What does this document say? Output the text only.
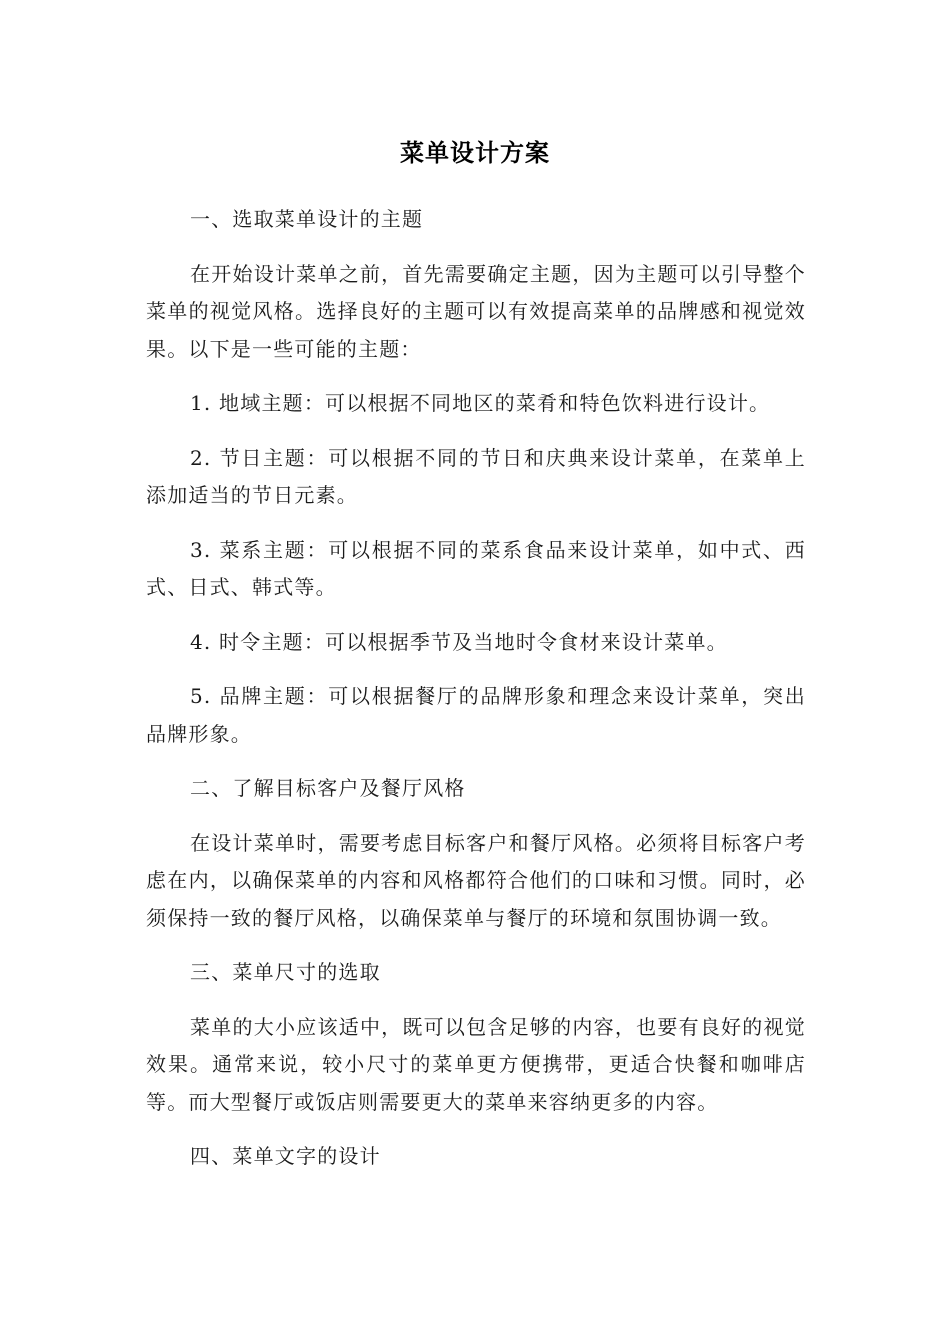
菜单设计方案

一、选取菜单设计的主题

在开始设计菜单之前，首先需要确定主题，因为主题可以引导整个菜单的视觉风格。选择良好的主题可以有效提高菜单的品牌感和视觉效果。以下是一些可能的主题：

1. 地域主题：可以根据不同地区的菜肴和特色饮料进行设计。

2. 节日主题：可以根据不同的节日和庆典来设计菜单，在菜单上添加适当的节日元素。

3. 菜系主题：可以根据不同的菜系食品来设计菜单，如中式、西式、日式、韩式等。

4. 时令主题：可以根据季节及当地时令食材来设计菜单。

5. 品牌主题：可以根据餐厅的品牌形象和理念来设计菜单，突出品牌形象。

二、了解目标客户及餐厅风格

在设计菜单时，需要考虑目标客户和餐厅风格。必须将目标客户考虑在内，以确保菜单的内容和风格都符合他们的口味和习惯。同时，必须保持一致的餐厅风格，以确保菜单与餐厅的环境和氛围协调一致。

三、菜单尺寸的选取

菜单的大小应该适中，既可以包含足够的内容，也要有良好的视觉效果。通常来说，较小尺寸的菜单更方便携带，更适合快餐和咖啡店等。而大型餐厅或饭店则需要更大的菜单来容纳更多的内容。

四、菜单文字的设计
